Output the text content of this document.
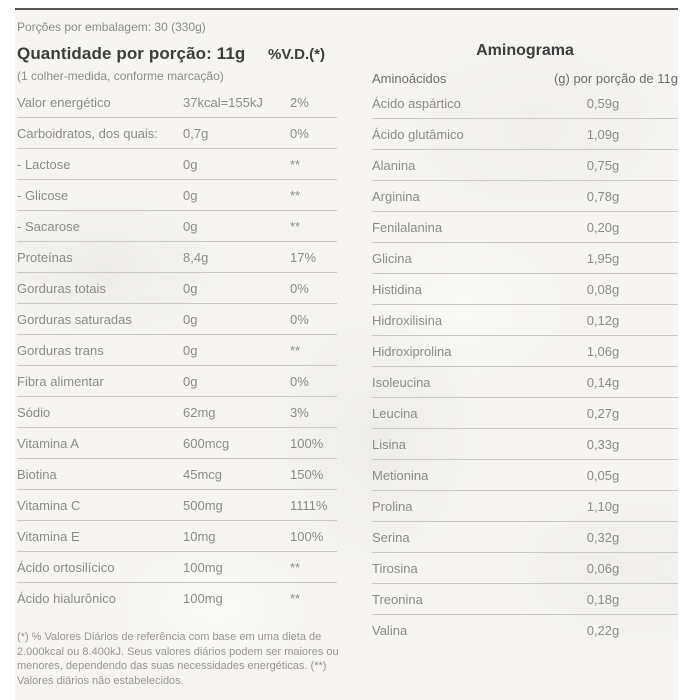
Porções por embalagem: 30 (330g)
Quantidade por porção: 11g
(1 colher-medida, conforme marcação)
%V.D.(*)
Valor energético	37kcal=155kJ	2%
Carboidratos, dos quais:	0,7g	0%
- Lactose	0g	**
- Glicose	0g	**
- Sacarose	0g	**
Proteínas	8,4g	17%
Gorduras totais	0g	0%
Gorduras saturadas	0g	0%
Gorduras trans	0g	**
Fibra alimentar	0g	0%
Sódio	62mg	3%
Vitamina A	600mcg	100%
Biotina	45mcg	150%
Vitamina C	500mg	1111%
Vitamina E	10mg	100%
Ácido ortosilícico	100mg	**
Ácido hialurônico	100mg	**
Aminograma
Aminoácidos	(g) por porção de 11g
Ácido aspártico	0,59g
Ácido glutâmico	1,09g
Alanina	0,75g
Arginina	0,78g
Fenilalanina	0,20g
Glicina	1,95g
Histidina	0,08g
Hidroxilisina	0,12g
Hidroxiprolina	1,06g
Isoleucina	0,14g
Leucina	0,27g
Lisina	0,33g
Metionina	0,05g
Prolina	1,10g
Serina	0,32g
Tirosina	0,06g
Treonina	0,18g
Valina	0,22g
(*) % Valores Diários de referência com base em uma dieta de 2.000kcal ou 8.400kJ. Seus valores diários podem ser maiores ou menores, dependendo das suas necessidades energéticas. (**) Valores diários não estabelecidos.
